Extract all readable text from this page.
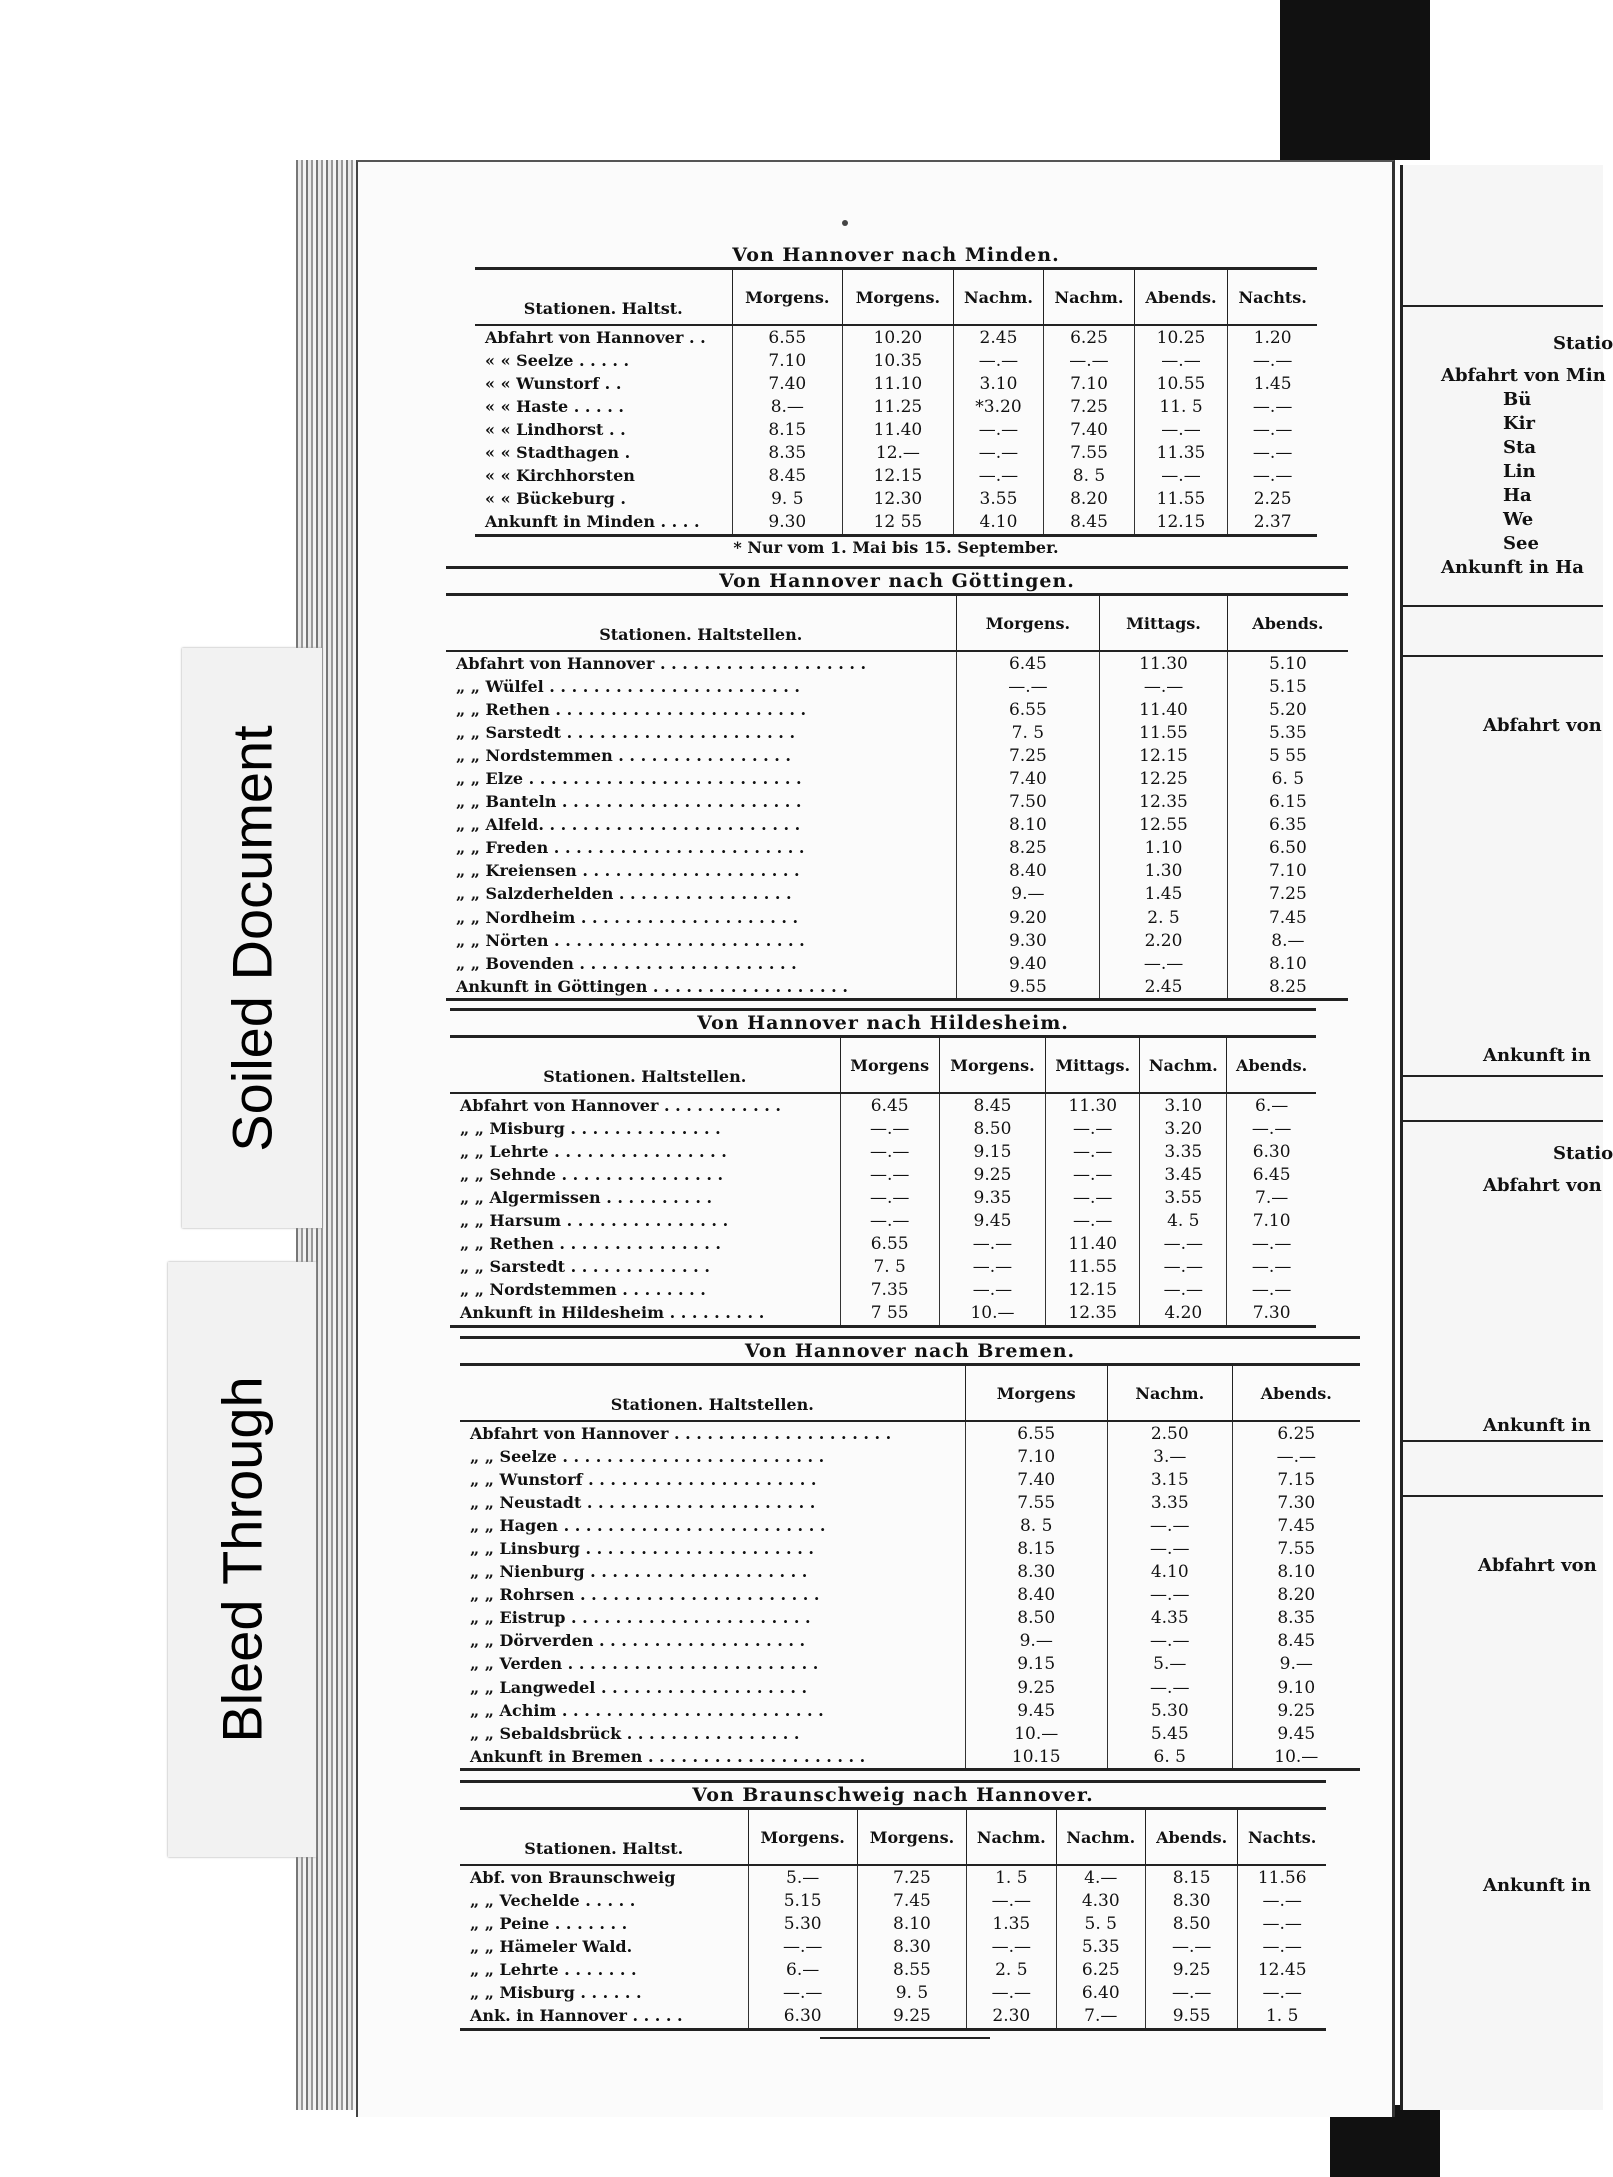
Statio
Abfahrt von Min
Bü
Kir
Sta
Lin
Ha
We
See
Ankunft in Ha
Abfahrt von
Ankunft in
Statio
Abfahrt von
Ankunft in
Abfahrt von
Ankunft in
Soiled Document
Bleed Through
Von Hannover nach Minden.
Stationen. Haltst.	Morgens.	Morgens.	Nachm.	Nachm.	Abends.	Nachts.
Abfahrt von Hannover . .	6.55	10.20	2.45	6.25	10.25	1.20
« « Seelze . . . . .	7.10	10.35	—.—	—.—	—.—	—.—
« « Wunstorf . .	7.40	11.10	3.10	7.10	10.55	1.45
« « Haste . . . . .	8.—	11.25	*3.20	7.25	11. 5	—.—
« « Lindhorst . .	8.15	11.40	—.—	7.40	—.—	—.—
« « Stadthagen .	8.35	12.—	—.—	7.55	11.35	—.—
« « Kirchhorsten	8.45	12.15	—.—	8. 5	—.—	—.—
« « Bückeburg .	9. 5	12.30	3.55	8.20	11.55	2.25
Ankunft in Minden . . . .	9.30	12 55	4.10	8.45	12.15	2.37
* Nur vom 1. Mai bis 15. September.
Von Hannover nach Göttingen.
Stationen. Haltstellen.	Morgens.	Mittags.	Abends.
Abfahrt von Hannover . . . . . . . . . . . . . . . . . . .	6.45	11.30	5.10
„ „ Wülfel . . . . . . . . . . . . . . . . . . . . . . .	—.—	—.—	5.15
„ „ Rethen . . . . . . . . . . . . . . . . . . . . . . .	6.55	11.40	5.20
„ „ Sarstedt . . . . . . . . . . . . . . . . . . . . .	7. 5	11.55	5.35
„ „ Nordstemmen . . . . . . . . . . . . . . . .	7.25	12.15	5 55
„ „ Elze . . . . . . . . . . . . . . . . . . . . . . . . .	7.40	12.25	6. 5
„ „ Banteln . . . . . . . . . . . . . . . . . . . . . .	7.50	12.35	6.15
„ „ Alfeld. . . . . . . . . . . . . . . . . . . . . . . .	8.10	12.55	6.35
„ „ Freden . . . . . . . . . . . . . . . . . . . . . . .	8.25	1.10	6.50
„ „ Kreiensen . . . . . . . . . . . . . . . . . . . .	8.40	1.30	7.10
„ „ Salzderhelden . . . . . . . . . . . . . . . .	9.—	1.45	7.25
„ „ Nordheim . . . . . . . . . . . . . . . . . . . .	9.20	2. 5	7.45
„ „ Nörten . . . . . . . . . . . . . . . . . . . . . . .	9.30	2.20	8.—
„ „ Bovenden . . . . . . . . . . . . . . . . . . . .	9.40	—.—	8.10
Ankunft in Göttingen . . . . . . . . . . . . . . . . . .	9.55	2.45	8.25
Von Hannover nach Hildesheim.
Stationen. Haltstellen.	Morgens	Morgens.	Mittags.	Nachm.	Abends.
Abfahrt von Hannover . . . . . . . . . . .	6.45	8.45	11.30	3.10	6.—
„ „ Misburg . . . . . . . . . . . . . .	—.—	8.50	—.—	3.20	—.—
„ „ Lehrte . . . . . . . . . . . . . . . .	—.—	9.15	—.—	3.35	6.30
„ „ Sehnde . . . . . . . . . . . . . . .	—.—	9.25	—.—	3.45	6.45
„ „ Algermissen . . . . . . . . . .	—.—	9.35	—.—	3.55	7.—
„ „ Harsum . . . . . . . . . . . . . . .	—.—	9.45	—.—	4. 5	7.10
„ „ Rethen . . . . . . . . . . . . . . .	6.55	—.—	11.40	—.—	—.—
„ „ Sarstedt . . . . . . . . . . . . .	7. 5	—.—	11.55	—.—	—.—
„ „ Nordstemmen . . . . . . . .	7.35	—.—	12.15	—.—	—.—
Ankunft in Hildesheim . . . . . . . . .	7 55	10.—	12.35	4.20	7.30
Von Hannover nach Bremen.
Stationen. Haltstellen.	Morgens	Nachm.	Abends.
Abfahrt von Hannover . . . . . . . . . . . . . . . . . . . .	6.55	2.50	6.25
„ „ Seelze . . . . . . . . . . . . . . . . . . . . . . . .	7.10	3.—	—.—
„ „ Wunstorf . . . . . . . . . . . . . . . . . . . . .	7.40	3.15	7.15
„ „ Neustadt . . . . . . . . . . . . . . . . . . . . .	7.55	3.35	7.30
„ „ Hagen . . . . . . . . . . . . . . . . . . . . . . . .	8. 5	—.—	7.45
„ „ Linsburg . . . . . . . . . . . . . . . . . . . . .	8.15	—.—	7.55
„ „ Nienburg . . . . . . . . . . . . . . . . . . . .	8.30	4.10	8.10
„ „ Rohrsen . . . . . . . . . . . . . . . . . . . . . .	8.40	—.—	8.20
„ „ Eistrup . . . . . . . . . . . . . . . . . . . . . .	8.50	4.35	8.35
„ „ Dörverden . . . . . . . . . . . . . . . . . . .	9.—	—.—	8.45
„ „ Verden . . . . . . . . . . . . . . . . . . . . . . .	9.15	5.—	9.—
„ „ Langwedel . . . . . . . . . . . . . . . . . . .	9.25	—.—	9.10
„ „ Achim . . . . . . . . . . . . . . . . . . . . . . . .	9.45	5.30	9.25
„ „ Sebaldsbrück . . . . . . . . . . . . . . . .	10.—	5.45	9.45
Ankunft in Bremen . . . . . . . . . . . . . . . . . . . .	10.15	6. 5	10.—
Von Braunschweig nach Hannover.
Stationen. Haltst.	Morgens.	Morgens.	Nachm.	Nachm.	Abends.	Nachts.
Abf. von Braunschweig	5.—	7.25	1. 5	4.—	8.15	11.56
„ „ Vechelde . . . . .	5.15	7.45	—.—	4.30	8.30	—.—
„ „ Peine . . . . . . .	5.30	8.10	1.35	5. 5	8.50	—.—
„ „ Hämeler Wald.	—.—	8.30	—.—	5.35	—.—	—.—
„ „ Lehrte . . . . . . .	6.—	8.55	2. 5	6.25	9.25	12.45
„ „ Misburg . . . . . .	—.—	9. 5	—.—	6.40	—.—	—.—
Ank. in Hannover . . . . .	6.30	9.25	2.30	7.—	9.55	1. 5
